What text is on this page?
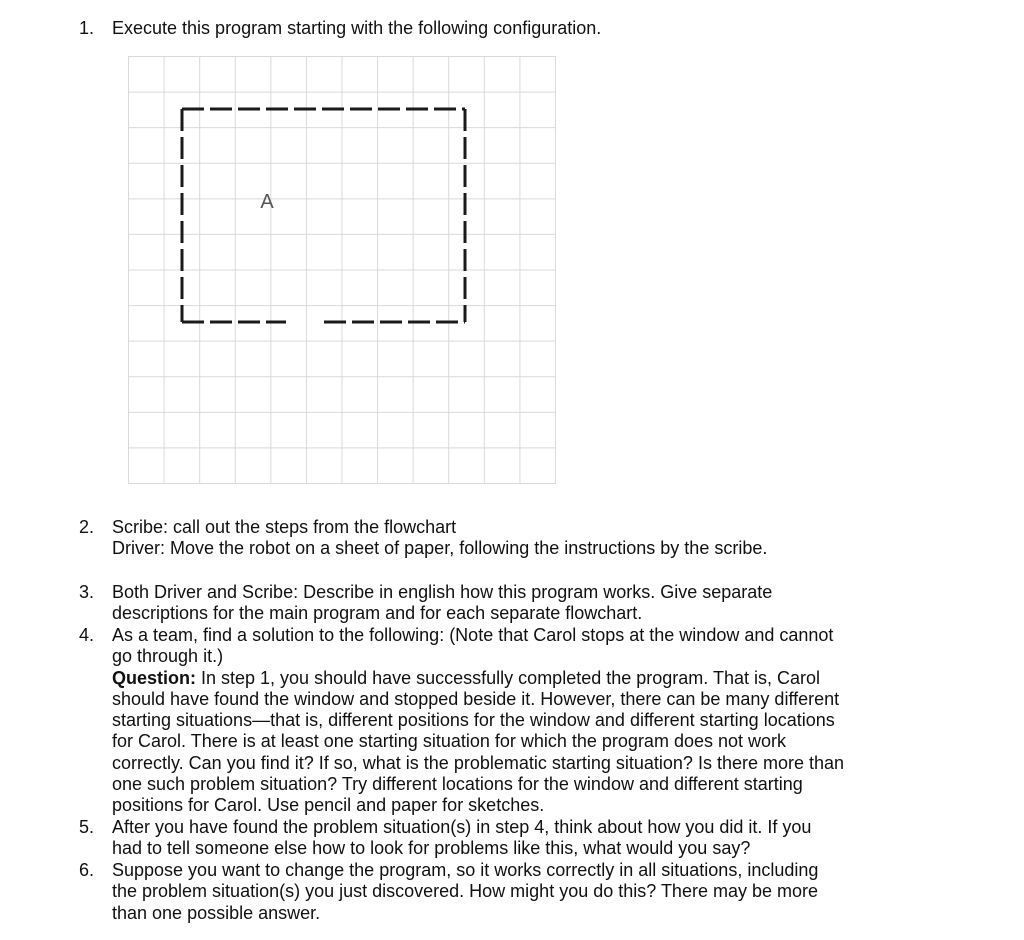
1. Execute this program starting with the following configuration.
A
2. Scribe: call out the steps from the flowchart
Driver: Move the robot on a sheet of paper, following the instructions by the scribe.
3. Both Driver and Scribe: Describe in english how this program works. Give separate
descriptions for the main program and for each separate flowchart.
4. As a team, find a solution to the following: (Note that Carol stops at the window and cannot
go through it.)
Question: In step 1, you should have successfully completed the program. That is, Carol
should have found the window and stopped beside it. However, there can be many different
starting situations—that is, different positions for the window and different starting locations
for Carol. There is at least one starting situation for which the program does not work
correctly. Can you find it? If so, what is the problematic starting situation? Is there more than
one such problem situation? Try different locations for the window and different starting
positions for Carol. Use pencil and paper for sketches.
5. After you have found the problem situation(s) in step 4, think about how you did it. If you
had to tell someone else how to look for problems like this, what would you say?
6. Suppose you want to change the program, so it works correctly in all situations, including
the problem situation(s) you just discovered. How might you do this? There may be more
than one possible answer.
